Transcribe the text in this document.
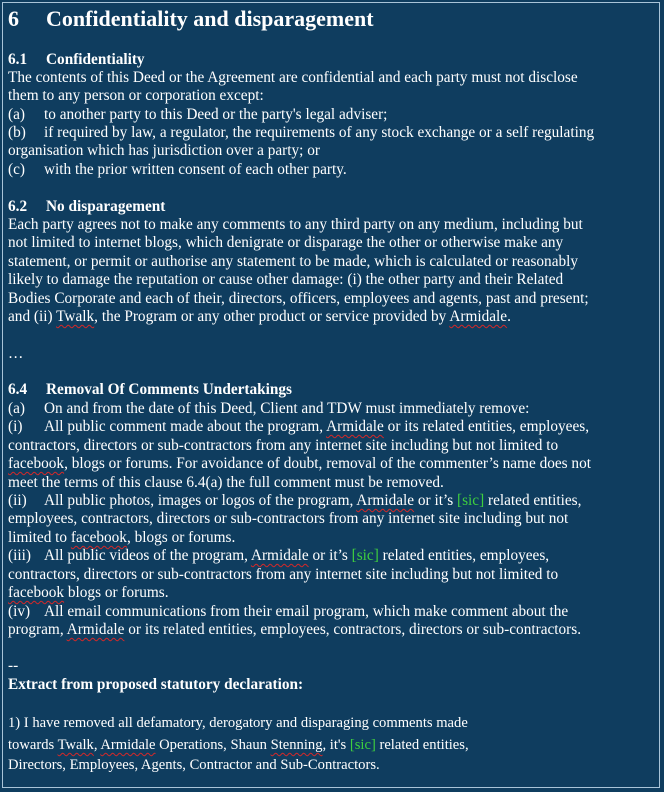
6 Confidentiality and disparagement
6.1 Confidentiality
The contents of this Deed or the Agreement are confidential and each party must not disclose
them to any person or corporation except:
(a) to another party to this Deed or the party's legal adviser;
(b) if required by law, a regulator, the requirements of any stock exchange or a self regulating
organisation which has jurisdiction over a party; or
(c) with the prior written consent of each other party.
6.2 No disparagement
Each party agrees not to make any comments to any third party on any medium, including but
not limited to internet blogs, which denigrate or disparage the other or otherwise make any
statement, or permit or authorise any statement to be made, which is calculated or reasonably
likely to damage the reputation or cause other damage: (i) the other party and their Related
Bodies Corporate and each of their, directors, officers, employees and agents, past and present;
and (ii) Twalk, the Program or any other product or service provided by Armidale.
…
6.4 Removal Of Comments Undertakings
(a) On and from the date of this Deed, Client and TDW must immediately remove:
(i) All public comment made about the program, Armidale or its related entities, employees,
contractors, directors or sub-contractors from any internet site including but not limited to
facebook, blogs or forums. For avoidance of doubt, removal of the commenter’s name does not
meet the terms of this clause 6.4(a) the full comment must be removed.
(ii) All public photos, images or logos of the program, Armidale or it’s [sic] related entities,
employees, contractors, directors or sub-contractors from any internet site including but not
limited to facebook, blogs or forums.
(iii) All public videos of the program, Armidale or it’s [sic] related entities, employees,
contractors, directors or sub-contractors from any internet site including but not limited to
facebook blogs or forums.
(iv) All email communications from their email program, which make comment about the
program, Armidale or its related entities, employees, contractors, directors or sub-contractors.
--
Extract from proposed statutory declaration:
1) I have removed all defamatory, derogatory and disparaging comments made
towards Twalk, Armidale Operations, Shaun Stenning, it's [sic] related entities,
Directors, Employees, Agents, Contractor and Sub-Contractors.
